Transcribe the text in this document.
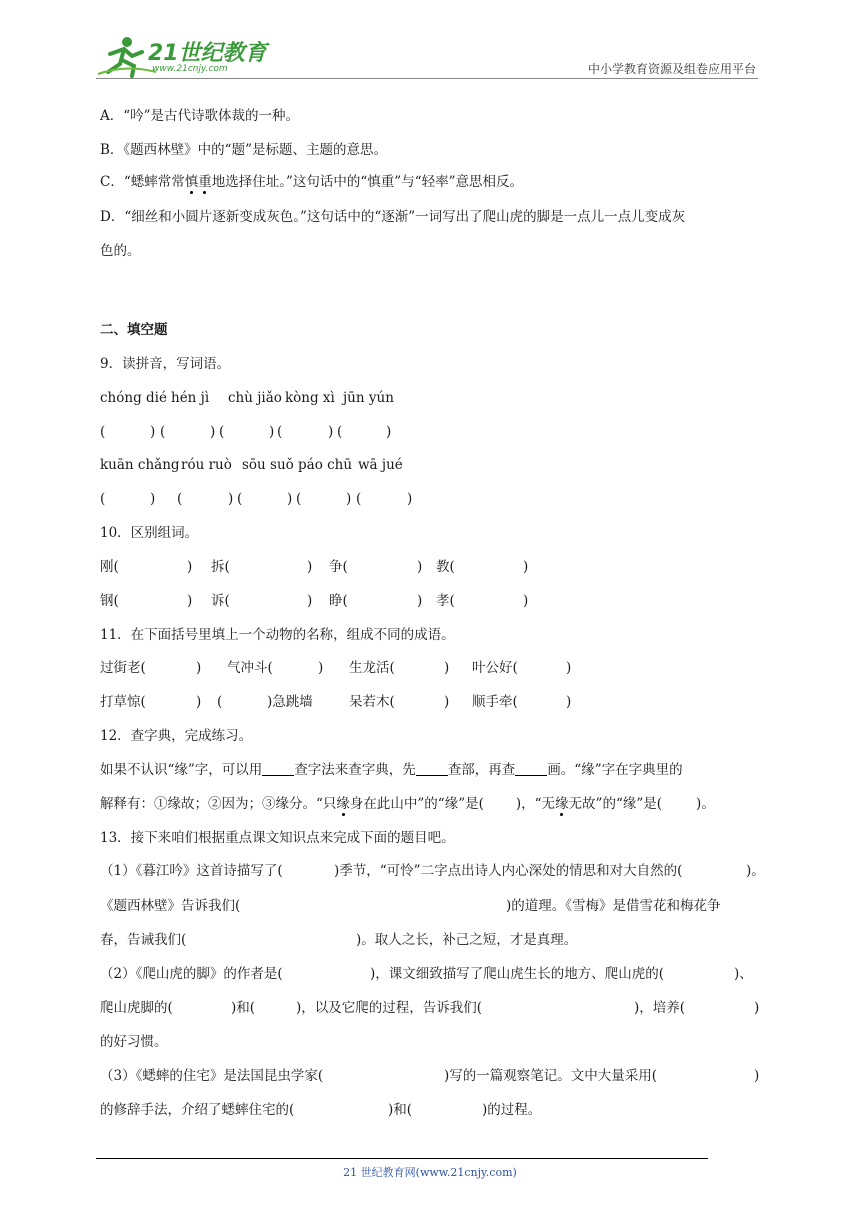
21世纪教育
www.21cnjy.com	中小学教育资源及组卷应用平台
A．“吟”是古代诗歌体裁的一种。
B．《题西林壁》中的“题”是标题、主题的意思。
C．“蟋蟀常常慎重地选择住址。”这句话中的“慎重”与“轻率”意思相反。
D．“细丝和小圆片逐新变成灰色。”这句话中的“逐渐”一词写出了爬山虎的脚是一点儿一点儿变成灰
色的。
二、填空题
9．读拼音，写词语。
chóng dié hén jì chù jiǎo kòng xì jūn yún
(	) (	) (	) (	) (	)
kuān chǎng róu ruò sōu suǒ páo chū wā jué
(	) (	) (	) (	) (	)
10．区别组词。
刚(	) 拆(	) 争(	) 教(	)
钢(	) 诉(	) 睁(	) 孝(	)
11．在下面括号里填上一个动物的名称，组成不同的成语。
过街老(	) 气冲斗(	) 生龙活(	) 叶公好(	)
打草惊(	) (	)急跳墙	呆若木(	) 顺手牵(	)
12．查字典，完成练习。
如果不认识“缘”字，可以用 查字法来查字典，先 查部，再查 画。“缘”字在字典里的
解释有：①缘故；②因为；③缘分。“只缘身在此山中”的“缘”是( )，“无缘无故”的“缘”是(	)。
13．接下来咱们根据重点课文知识点来完成下面的题目吧。
（1）《暮江吟》这首诗描写了(	)季节，“可怜”二字点出诗人内心深处的情思和对大自然的(	)。
《题西林壁》告诉我们(	)的道理。《雪梅》是借雪花和梅花争
春，告诫我们(	)。取人之长，补己之短，才是真理。
（2）《爬山虎的脚》的作者是(	)，课文细致描写了爬山虎生长的地方、爬山虎的(	)、
爬山虎脚的(	)和(	)，以及它爬的过程，告诉我们(	)，培养(	)
的好习惯。
（3）《蟋蟀的住宅》是法国昆虫学家(	)写的一篇观察笔记。文中大量采用(	)
的修辞手法，介绍了蟋蟀住宅的(	)和(	)的过程。
21 世纪教育网(www.21cnjy.com)
